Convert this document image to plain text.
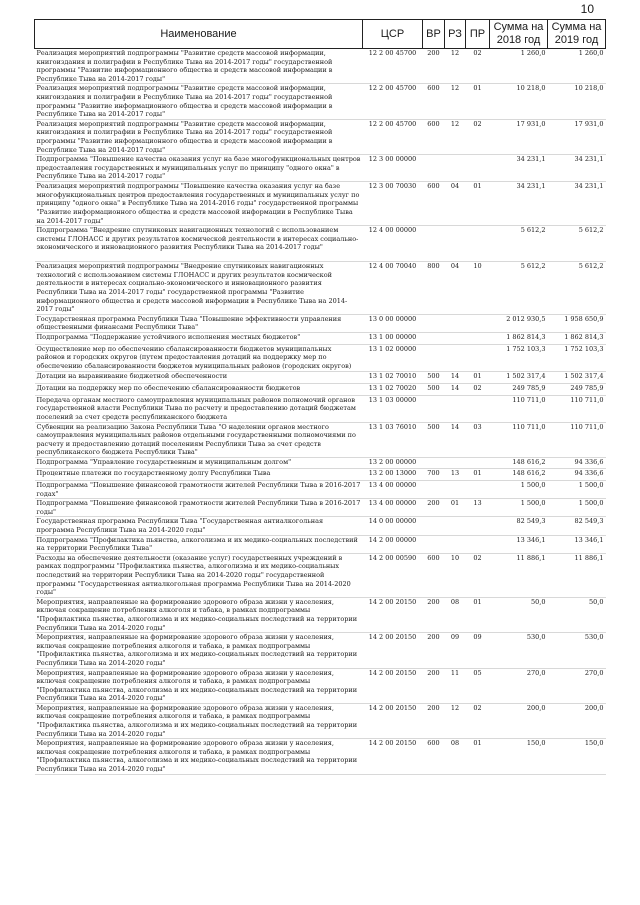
10
Наименование	ЦСР	ВР	РЗ	ПР	Сумма на 2018 год	Сумма на 2019 год
Реализация мероприятий подпрограммы "Развитие средств массовой информации, книгоиздания и полиграфии в Республике Тыва на 2014-2017 годы" государственной программы "Развитие информационного общества и средств массовой информации в Республике Тыва на 2014-2017 годы"	12 2 00 45700	200	12	02	1 260,0	1 260,0
Реализация мероприятий подпрограммы "Развитие средств массовой информации, книгоиздания и полиграфии в Республике Тыва на 2014-2017 годы" государственной программы "Развитие информационного общества и средств массовой информации в Республике Тыва на 2014-2017 годы"	12 2 00 45700	600	12	01	10 218,0	10 218,0
Реализация мероприятий подпрограммы "Развитие средств массовой информации, книгоиздания и полиграфии в Республике Тыва на 2014-2017 годы" государственной программы "Развитие информационного общества и средств массовой информации в Республике Тыва на 2014-2017 годы"	12 2 00 45700	600	12	02	17 931,0	17 931,0
Подпрограмма "Повышение качества оказания услуг на базе многофункциональных центров предоставления государственных и муниципальных услуг по принципу "одного окна" в Республике Тыва на 2014-2017 годы"	12 3 00 00000				34 231,1	34 231,1
Реализация мероприятий подпрограммы "Повышение качества оказания услуг на базе многофункциональных центров предоставления государственных и муниципальных услуг по принципу "одного окна" в Республике Тыва на 2014-2016 годы" государственной программы "Развитие информационного общества и средств массовой информации в Республике Тыва на 2014-2017 годы"	12 3 00 70030	600	04	01	34 231,1	34 231,1
Подпрограмма "Внедрение спутниковых навигационных технологий с использованием системы ГЛОНАСС и других результатов космической деятельности в интересах социально-экономического и инновационного развития Республики Тыва на 2014-2017 годы"	12 4 00 00000				5 612,2	5 612,2
Реализация мероприятий подпрограммы "Внедрение спутниковых навигационных технологий с использованием системы ГЛОНАСС и других результатов космической деятельности в интересах социально-экономического и инновационного развития Республики Тыва на 2014-2017 годы" государственной программы "Развитие информационного общества и средств массовой информации в Республике Тыва на 2014-2017 годы"	12 4 00 70040	800	04	10	5 612,2	5 612,2
Государственная программа Республики Тыва "Повышение эффективности управления общественными финансами Республики Тыва"	13 0 00 00000				2 012 930,5	1 958 650,9
Подпрограмма "Поддержание устойчивого исполнения местных бюджетов"	13 1 00 00000				1 862 814,3	1 862 814,3
Осуществление мер по обеспечению сбалансированности бюджетов муниципальных районов и городских округов (путем предоставления дотаций на поддержку мер по обеспечению сбалансированности бюджетов муниципальных районов (городских округов)	13 1 02 00000				1 752 103,3	1 752 103,3
Дотации на выравнивание бюджетной обеспеченности	13 1 02 70010	500	14	01	1 502 317,4	1 502 317,4
Дотации на поддержку мер по обеспечению сбалансированности бюджетов	13 1 02 70020	500	14	02	249 785,9	249 785,9
Передача органам местного самоуправления муниципальных районов полномочий органов государственной власти Республики Тыва по расчету и предоставлению дотаций бюджетам поселений за счет средств республиканского бюджета	13 1 03 00000				110 711,0	110 711,0
Субвенции на реализацию Закона Республики Тыва "О наделении органов местного самоуправления муниципальных районов отдельными государственными полномочиями по расчету и предоставлению дотаций поселениям Республики Тыва за счет средств республиканского бюджета Республики Тыва"	13 1 03 76010	500	14	03	110 711,0	110 711,0
Подпрограмма "Управление государственным и муниципальным долгом"	13 2 00 00000				148 616,2	94 336,6
Процентные платежи по государственному долгу Республики Тыва	13 2 00 13000	700	13	01	148 616,2	94 336,6
Подпрограмма "Повышение финансовой грамотности жителей Республики Тыва в 2016-2017 годах"	13 4 00 00000				1 500,0	1 500,0
Подпрограмма "Повышение финансовой грамотности жителей Республики Тыва в 2016-2017 годы"	13 4 00 00000	200	01	13	1 500,0	1 500,0
Государственная программа Республики Тыва "Государственная антиалкогольная программа Республики Тыва на 2014-2020 годы"	14 0 00 00000				82 549,3	82 549,3
Подпрограмма "Профилактика пьянства, алкоголизма и их медико-социальных последствий на территории Республики Тыва"	14 2 00 00000				13 346,1	13 346,1
Расходы на обеспечение деятельности (оказание услуг) государственных учреждений в рамках подпрограммы "Профилактика пьянства, алкоголизма и их медико-социальных последствий на территории Республики Тыва на 2014-2020 годы" государственной программы "Государственная антиалкогольная программа Республики Тыва на 2014-2020 годы"	14 2 00 00590	600	10	02	11 886,1	11 886,1
Мероприятия, направленные на формирование здорового образа жизни у населения, включая сокращение потребления алкоголя и табака, в рамках подпрограммы "Профилактика пьянства, алкоголизма и их медико-социальных последствий на территории Республики Тыва на 2014-2020 годы"	14 2 00 20150	200	08	01	50,0	50,0
Мероприятия, направленные на формирование здорового образа жизни у населения, включая сокращение потребления алкоголя и табака, в рамках подпрограммы "Профилактика пьянства, алкоголизма и их медико-социальных последствий на территории Республики Тыва на 2014-2020 годы"	14 2 00 20150	200	09	09	530,0	530,0
Мероприятия, направленные на формирование здорового образа жизни у населения, включая сокращение потребления алкоголя и табака, в рамках подпрограммы "Профилактика пьянства, алкоголизма и их медико-социальных последствий на территории Республики Тыва на 2014-2020 годы"	14 2 00 20150	200	11	05	270,0	270,0
Мероприятия, направленные на формирование здорового образа жизни у населения, включая сокращение потребления алкоголя и табака, в рамках подпрограммы "Профилактика пьянства, алкоголизма и их медико-социальных последствий на территории Республики Тыва на 2014-2020 годы"	14 2 00 20150	200	12	02	200,0	200,0
Мероприятия, направленные на формирование здорового образа жизни у населения, включая сокращение потребления алкоголя и табака, в рамках подпрограммы "Профилактика пьянства, алкоголизма и их медико-социальных последствий на территории Республики Тыва на 2014-2020 годы"	14 2 00 20150	600	08	01	150,0	150,0
